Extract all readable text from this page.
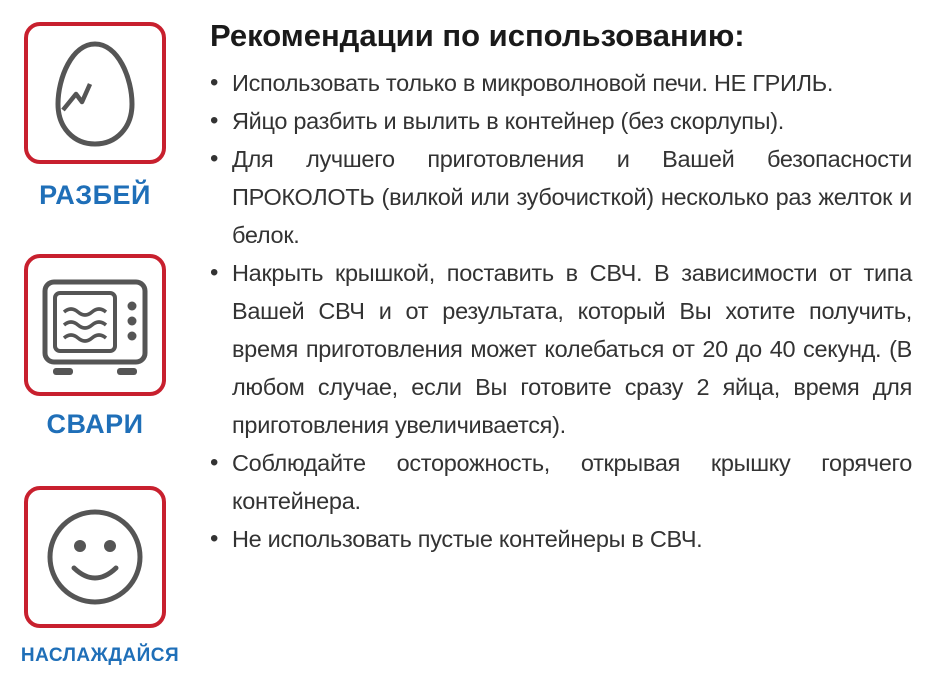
РАЗБЕЙ
СВАРИ
НАСЛАЖДАЙСЯ
Рекомендации по использованию:
• Использовать только в микроволновой печи. НЕ ГРИЛЬ.
• Яйцо разбить и вылить в контейнер (без скорлупы).
• Для лучшего приготовления и Вашей безопасности ПРОКОЛОТЬ (вилкой или зубочисткой) несколько раз желток и белок.
• Накрыть крышкой, поставить в СВЧ. В зависимости от типа Вашей СВЧ и от результата, который Вы хотите получить, время приготовления может колебаться от 20 до 40 секунд. (В любом случае, если Вы готовите сразу 2 яйца, время для приготовления увеличивается).
• Соблюдайте осторожность, открывая крышку горячего контейнера.
• Не использовать пустые контейнеры в СВЧ.
